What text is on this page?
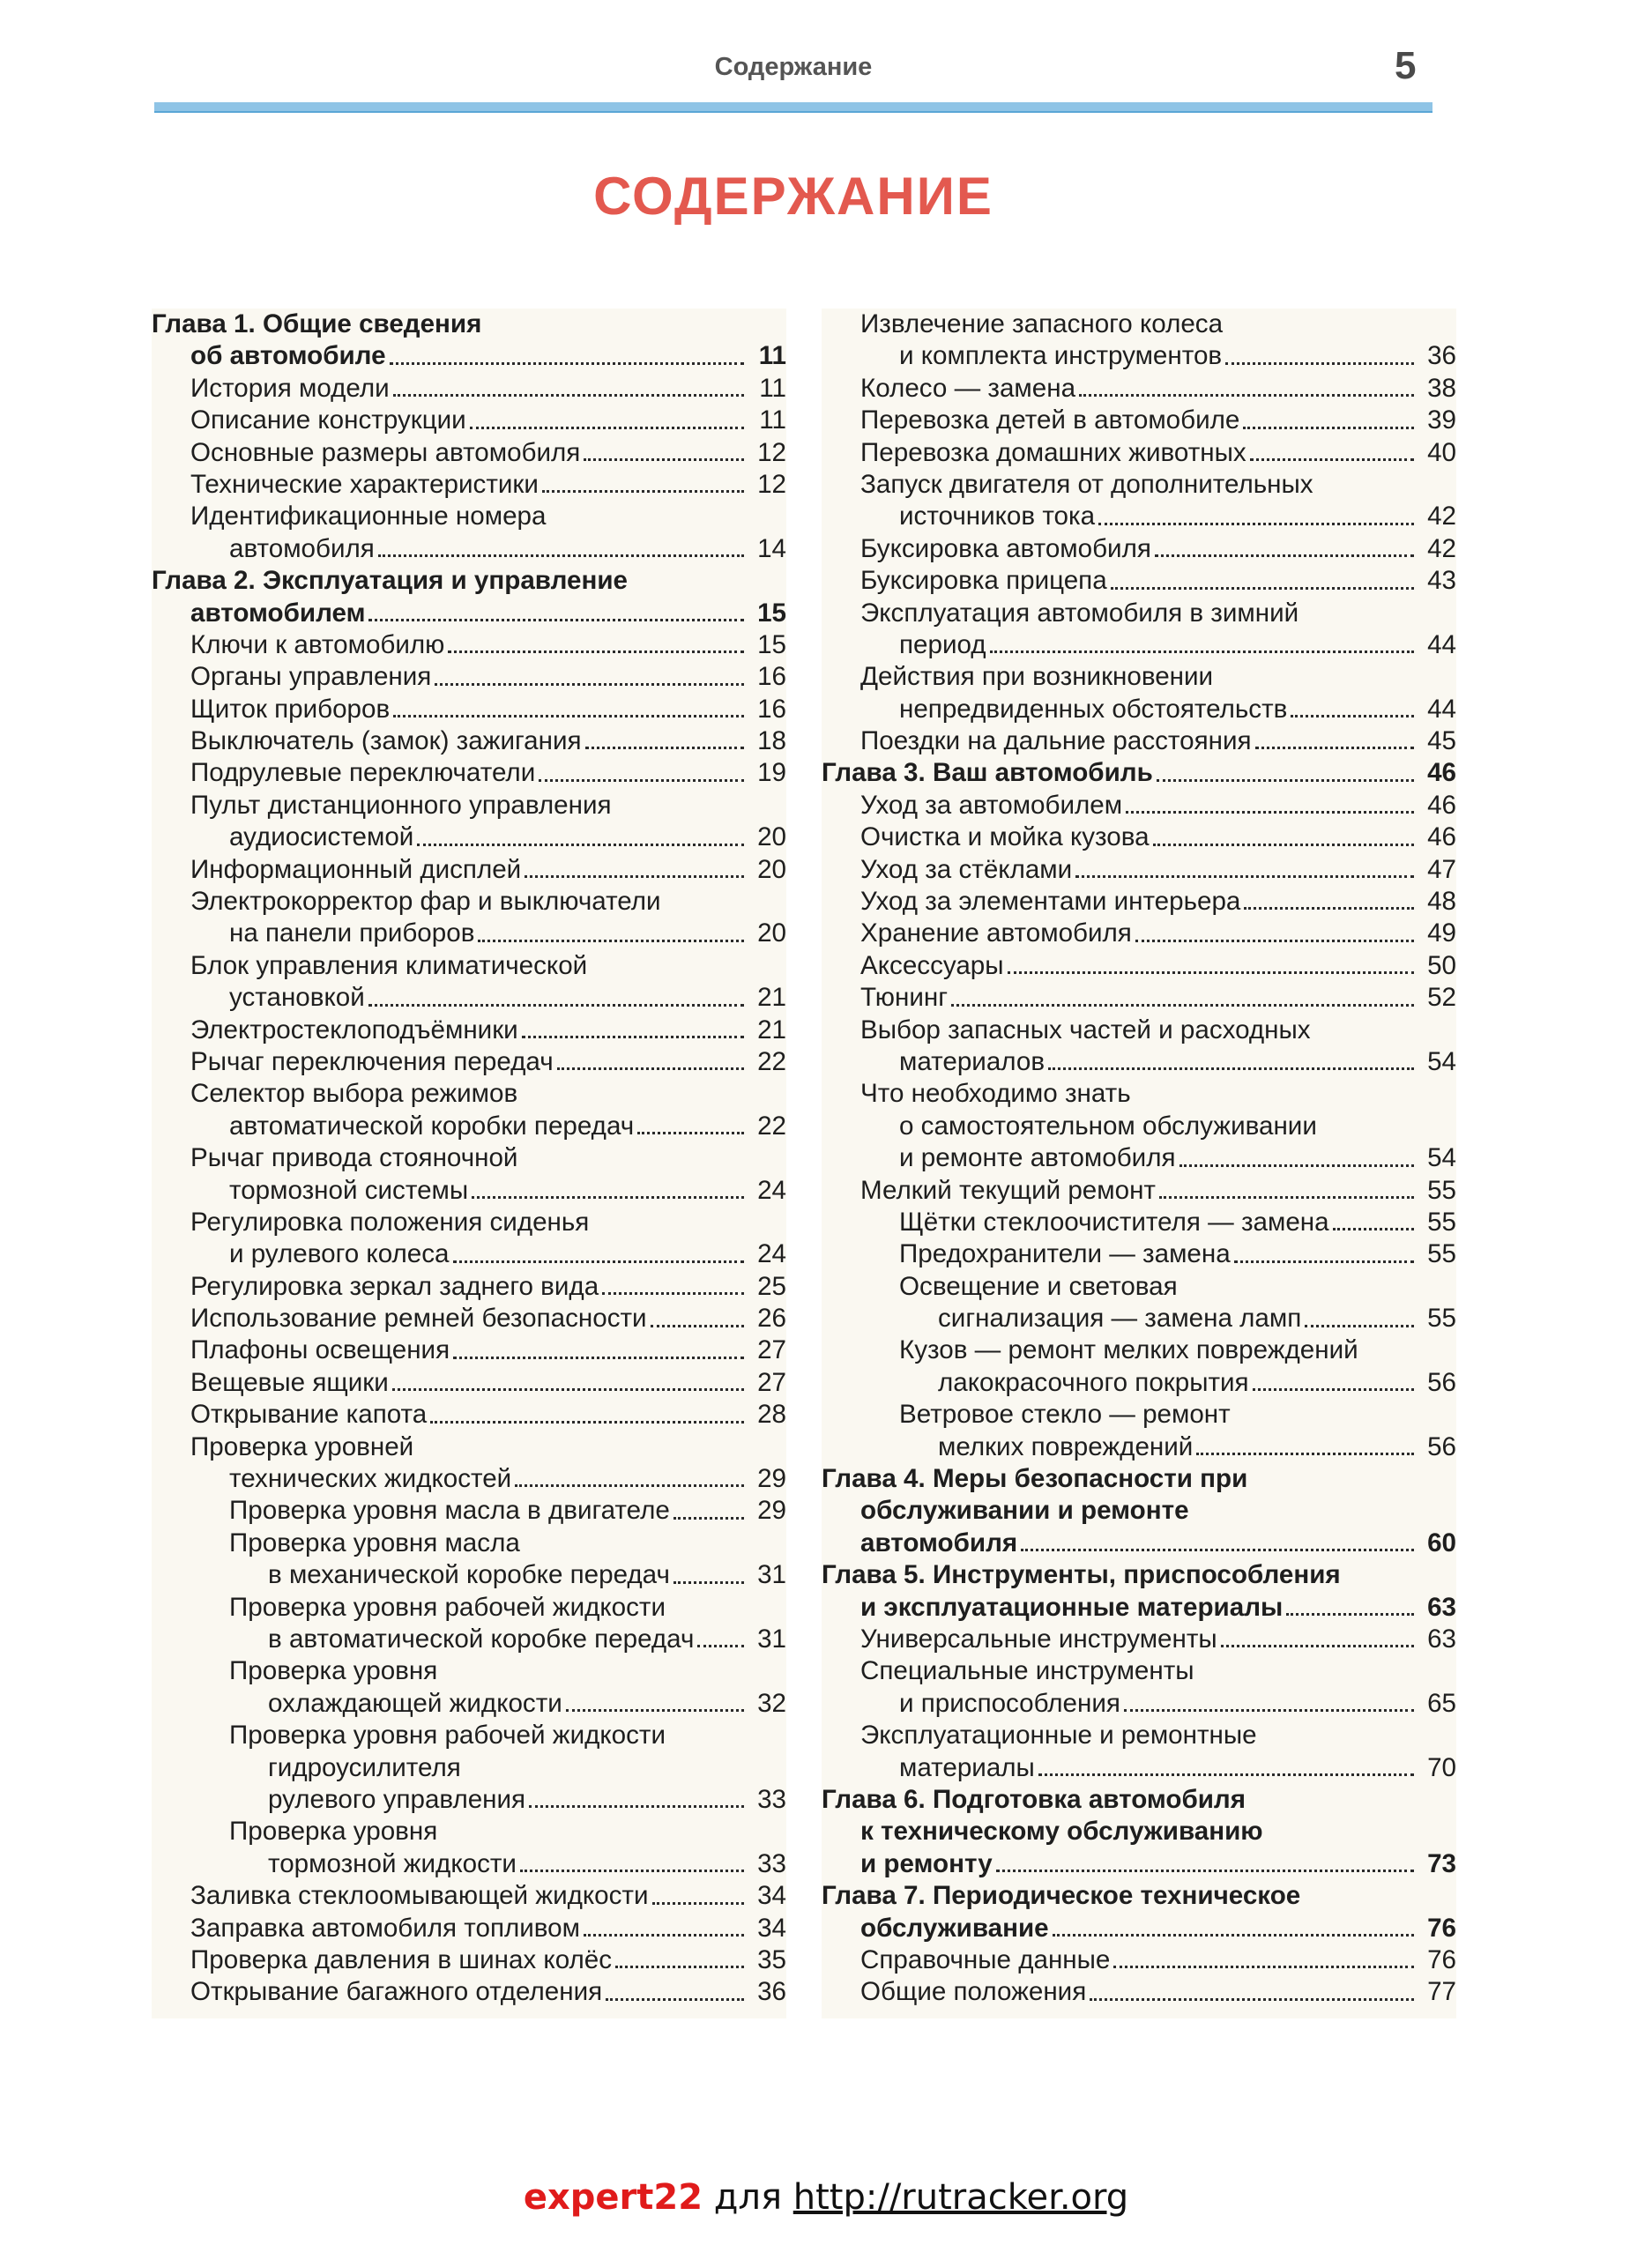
Содержание	5
СОДЕРЖАНИЕ
Глава 1. Общие сведения
об автомобиле	11
История модели	11
Описание конструкции	11
Основные размеры автомобиля	12
Технические характеристики	12
Идентификационные номера
автомобиля	14
Глава 2. Эксплуатация и управление
автомобилем	15
Ключи к автомобилю	15
Органы управления	16
Щиток приборов	16
Выключатель (замок) зажигания	18
Подрулевые переключатели	19
Пульт дистанционного управления
аудиосистемой	20
Информационный дисплей	20
Электрокорректор фар и выключатели
на панели приборов	20
Блок управления климатической
установкой	21
Электростеклоподъёмники	21
Рычаг переключения передач	22
Селектор выбора режимов
автоматической коробки передач	22
Рычаг привода стояночной
тормозной системы	24
Регулировка положения сиденья
и рулевого колеса	24
Регулировка зеркал заднего вида	25
Использование ремней безопасности	26
Плафоны освещения	27
Вещевые ящики	27
Открывание капота	28
Проверка уровней
технических жидкостей	29
Проверка уровня масла в двигателе	29
Проверка уровня масла
в механической коробке передач	31
Проверка уровня рабочей жидкости
в автоматической коробке передач	31
Проверка уровня
охлаждающей жидкости	32
Проверка уровня рабочей жидкости
гидроусилителя
рулевого управления	33
Проверка уровня
тормозной жидкости	33
Заливка стеклоомывающей жидкости	34
Заправка автомобиля топливом	34
Проверка давления в шинах колёс	35
Открывание багажного отделения	36
Извлечение запасного колеса
и комплекта инструментов	36
Колесо — замена	38
Перевозка детей в автомобиле	39
Перевозка домашних животных	40
Запуск двигателя от дополнительных
источников тока	42
Буксировка автомобиля	42
Буксировка прицепа	43
Эксплуатация автомобиля в зимний
период	44
Действия при возникновении
непредвиденных обстоятельств	44
Поездки на дальние расстояния	45
Глава 3. Ваш автомобиль	46
Уход за автомобилем	46
Очистка и мойка кузова	46
Уход за стёклами	47
Уход за элементами интерьера	48
Хранение автомобиля	49
Аксессуары	50
Тюнинг	52
Выбор запасных частей и расходных
материалов	54
Что необходимо знать
о самостоятельном обслуживании
и ремонте автомобиля	54
Мелкий текущий ремонт	55
Щётки стеклоочистителя — замена	55
Предохранители — замена	55
Освещение и световая
сигнализация — замена ламп	55
Кузов — ремонт мелких повреждений
лакокрасочного покрытия	56
Ветровое стекло — ремонт
мелких повреждений	56
Глава 4. Меры безопасности при
обслуживании и ремонте
автомобиля	60
Глава 5. Инструменты, приспособления
и эксплуатационные материалы	63
Универсальные инструменты	63
Специальные инструменты
и приспособления	65
Эксплуатационные и ремонтные
материалы	70
Глава 6. Подготовка автомобиля
к техническому обслуживанию
и ремонту	73
Глава 7. Периодическое техническое
обслуживание	76
Справочные данные	76
Общие положения	77
expert22 для http://rutracker.org
